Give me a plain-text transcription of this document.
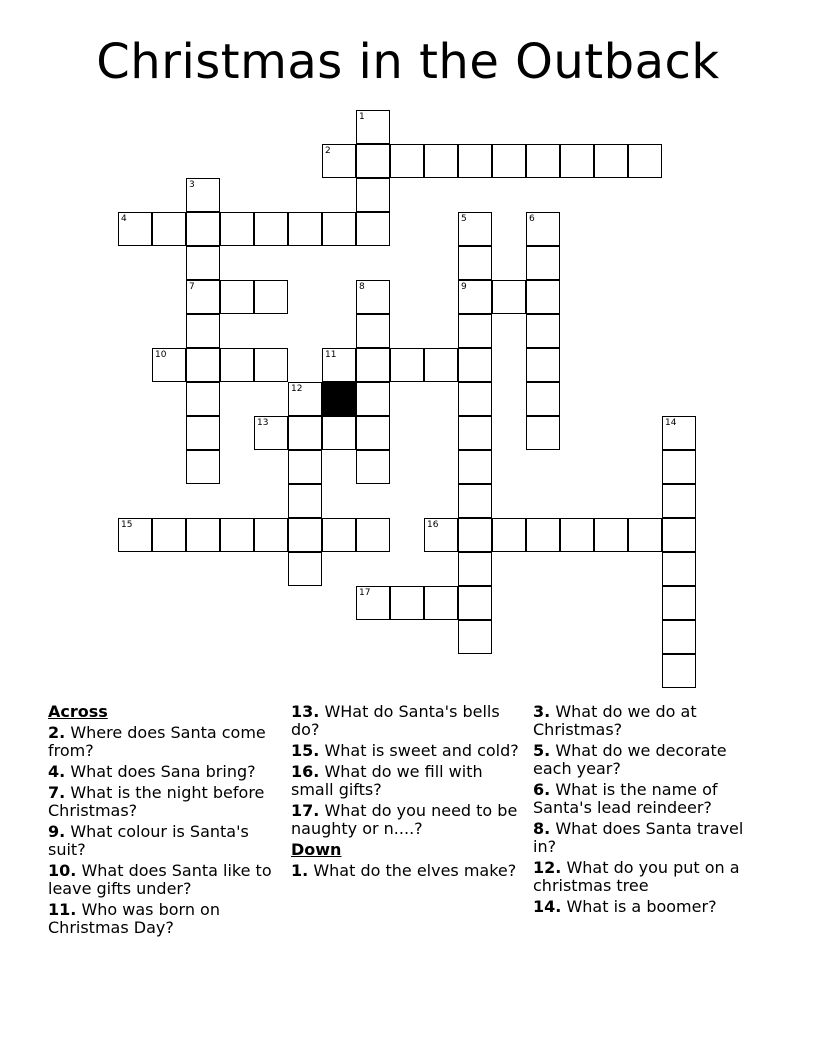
Christmas in the Outback
1
2
3
4	5	6
7	8	9
10	11
12
13	14
15	16
17
Across
2. Where does Santa come from?
4. What does Sana bring?
7. What is the night before Christmas?
9. What colour is Santa's suit?
10. What does Santa like to leave gifts under?
11. Who was born on Christmas Day?
13. WHat do Santa's bells do?
15. What is sweet and cold?
16. What do we fill with small gifts?
17. What do you need to be naughty or n....?
Down
1. What do the elves make?
3. What do we do at Christmas?
5. What do we decorate each year?
6. What is the name of Santa's lead reindeer?
8. What does Santa travel in?
12. What do you put on a christmas tree
14. What is a boomer?
